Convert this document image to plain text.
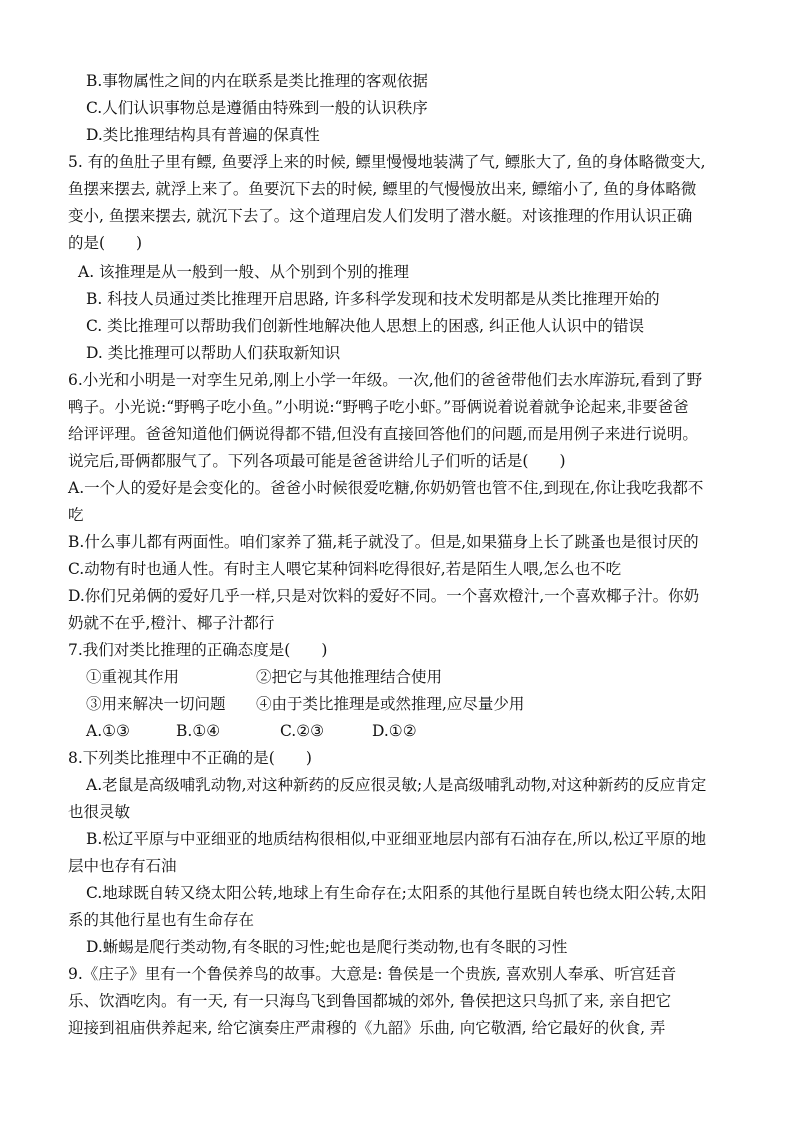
B.事物属性之间的内在联系是类比推理的客观依据
C.人们认识事物总是遵循由特殊到一般的认识秩序
D.类比推理结构具有普遍的保真性
5. 有的鱼肚子里有鳔, 鱼要浮上来的时候, 鳔里慢慢地装满了气, 鳔胀大了, 鱼的身体略微变大,
鱼摆来摆去, 就浮上来了。鱼要沉下去的时候, 鳔里的气慢慢放出来, 鳔缩小了, 鱼的身体略微
变小, 鱼摆来摆去, 就沉下去了。这个道理启发人们发明了潜水艇。对该推理的作用认识正确
的是(　　)
A. 该推理是从一般到一般、从个别到个别的推理
B. 科技人员通过类比推理开启思路, 许多科学发现和技术发明都是从类比推理开始的
C. 类比推理可以帮助我们创新性地解决他人思想上的困惑, 纠正他人认识中的错误
D. 类比推理可以帮助人们获取新知识
6.小光和小明是一对孪生兄弟,刚上小学一年级。一次,他们的爸爸带他们去水库游玩,看到了野
鸭子。小光说:“野鸭子吃小鱼。”小明说:“野鸭子吃小虾。”哥俩说着说着就争论起来,非要爸爸
给评评理。爸爸知道他们俩说得都不错,但没有直接回答他们的问题,而是用例子来进行说明。
说完后,哥俩都服气了。下列各项最可能是爸爸讲给儿子们听的话是(　　)
A.一个人的爱好是会变化的。爸爸小时候很爱吃糖,你奶奶管也管不住,到现在,你让我吃我都不
吃
B.什么事儿都有两面性。咱们家养了猫,耗子就没了。但是,如果猫身上长了跳蚤也是很讨厌的
C.动物有时也通人性。有时主人喂它某种饲料吃得很好,若是陌生人喂,怎么也不吃
D.你们兄弟俩的爱好几乎一样,只是对饮料的爱好不同。一个喜欢橙汁,一个喜欢椰子汁。你奶
奶就不在乎,橙汁、椰子汁都行
7.我们对类比推理的正确态度是(　　)
①重视其作用	②把它与其他推理结合使用
③用来解决一切问题 ④由于类比推理是或然推理,应尽量少用
A.①③	B.①④	C.②③	D.①②
8.下列类比推理中不正确的是(　　)
A.老鼠是高级哺乳动物,对这种新药的反应很灵敏;人是高级哺乳动物,对这种新药的反应肯定
也很灵敏
B.松辽平原与中亚细亚的地质结构很相似,中亚细亚地层内部有石油存在,所以,松辽平原的地
层中也存有石油
C.地球既自转又绕太阳公转,地球上有生命存在;太阳系的其他行星既自转也绕太阳公转,太阳
系的其他行星也有生命存在
D.蜥蜴是爬行类动物,有冬眠的习性;蛇也是爬行类动物,也有冬眠的习性
9.《庄子》里有一个鲁侯养鸟的故事。大意是: 鲁侯是一个贵族, 喜欢别人奉承、听宫廷音
乐、饮酒吃肉。有一天, 有一只海鸟飞到鲁国都城的郊外, 鲁侯把这只鸟抓了来, 亲自把它
迎接到祖庙供养起来, 给它演奏庄严肃穆的《九韶》乐曲, 向它敬酒, 给它最好的伙食, 弄
